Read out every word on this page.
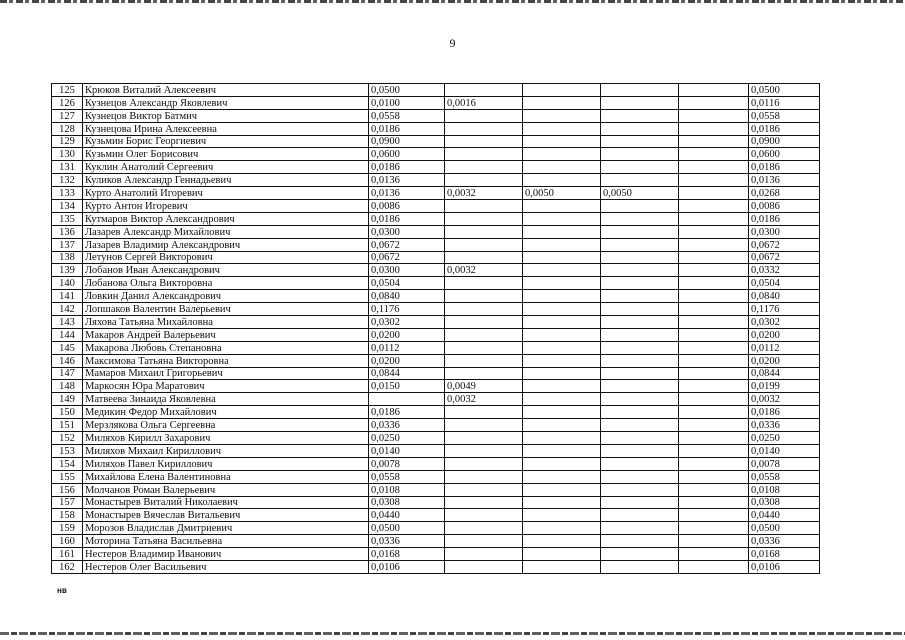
9
125	Крюков Виталий Алексеевич	0,0500					0,0500
126	Кузнецов Александр Яковлевич	0,0100	0,0016				0,0116
127	Кузнецов Виктор Батмич	0,0558					0,0558
128	Кузнецова Ирина Алексеевна	0,0186					0,0186
129	Кузьмин Борис Георгиевич	0,0900					0,0900
130	Кузьмин Олег Борисович	0,0600					0,0600
131	Куклин Анатолий Сергеевич	0,0186					0,0186
132	Куликов Александр Геннадьевич	0,0136					0,0136
133	Курто Анатолий Игоревич	0,0136	0,0032	0,0050	0,0050		0,0268
134	Курто Антон Игоревич	0,0086					0,0086
135	Кутмаров Виктор Александрович	0,0186					0,0186
136	Лазарев Александр Михайлович	0,0300					0,0300
137	Лазарев Владимир Александрович	0,0672					0,0672
138	Летунов Сергей Викторович	0,0672					0,0672
139	Лобанов Иван Александрович	0,0300	0,0032				0,0332
140	Лобанова Ольга Викторовна	0,0504					0,0504
141	Ловкин Данил Александрович	0,0840					0,0840
142	Лопшаков Валентин Валерьевич	0,1176					0,1176
143	Ляхова Татьяна Михайловна	0,0302					0,0302
144	Макаров Андрей Валерьевич	0,0200					0,0200
145	Макарова Любовь Степановна	0,0112					0,0112
146	Максимова Татьяна Викторовна	0,0200					0,0200
147	Мамаров Михаил Григорьевич	0,0844					0,0844
148	Маркосян Юра Маратович	0,0150	0,0049				0,0199
149	Матвеева Зинаида Яковлевна		0,0032				0,0032
150	Медикин Федор Михайлович	0,0186					0,0186
151	Мерзлякова Ольга Сергеевна	0,0336					0,0336
152	Миляхов Кирилл Захарович	0,0250					0,0250
153	Миляхов Михаил Кириллович	0,0140					0,0140
154	Миляхов Павел Кириллович	0,0078					0,0078
155	Михайлова Елена Валентиновна	0,0558					0,0558
156	Молчанов Роман Валерьевич	0,0108					0,0108
157	Монастырев Виталий Николаевич	0,0308					0,0308
158	Монастырев Вячеслав Витальевич	0,0440					0,0440
159	Морозов Владислав Дмитриевич	0,0500					0,0500
160	Моторина Татьяна Васильевна	0,0336					0,0336
161	Нестеров Владимир Иванович	0,0168					0,0168
162	Нестеров Олег Васильевич	0,0106					0,0106
нв
